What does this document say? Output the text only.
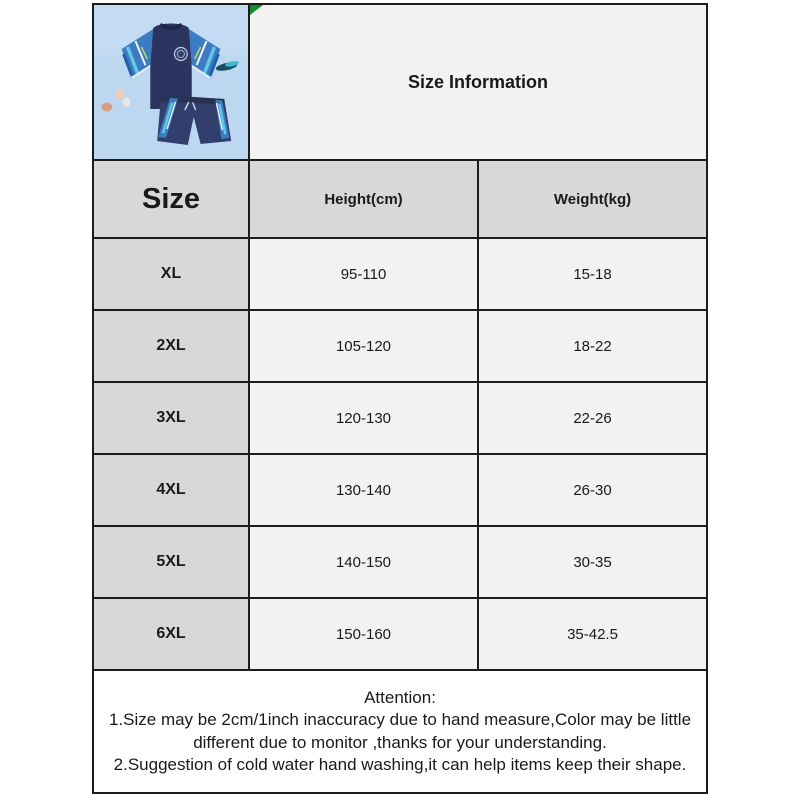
Size Information	
Size	Height(cm)	Weight(kg)
XL	95-110	15-18
2XL	105-120	18-22
3XL	120-130	22-26
4XL	130-140	26-30
5XL	140-150	30-35
6XL	150-160	35-42.5

Attention:

1.Size may be 2cm/1inch inaccuracy due to hand measure,Color may be little different due to monitor ,thanks for your understanding.

2.Suggestion of cold water hand washing,it can help items keep their shape.		
